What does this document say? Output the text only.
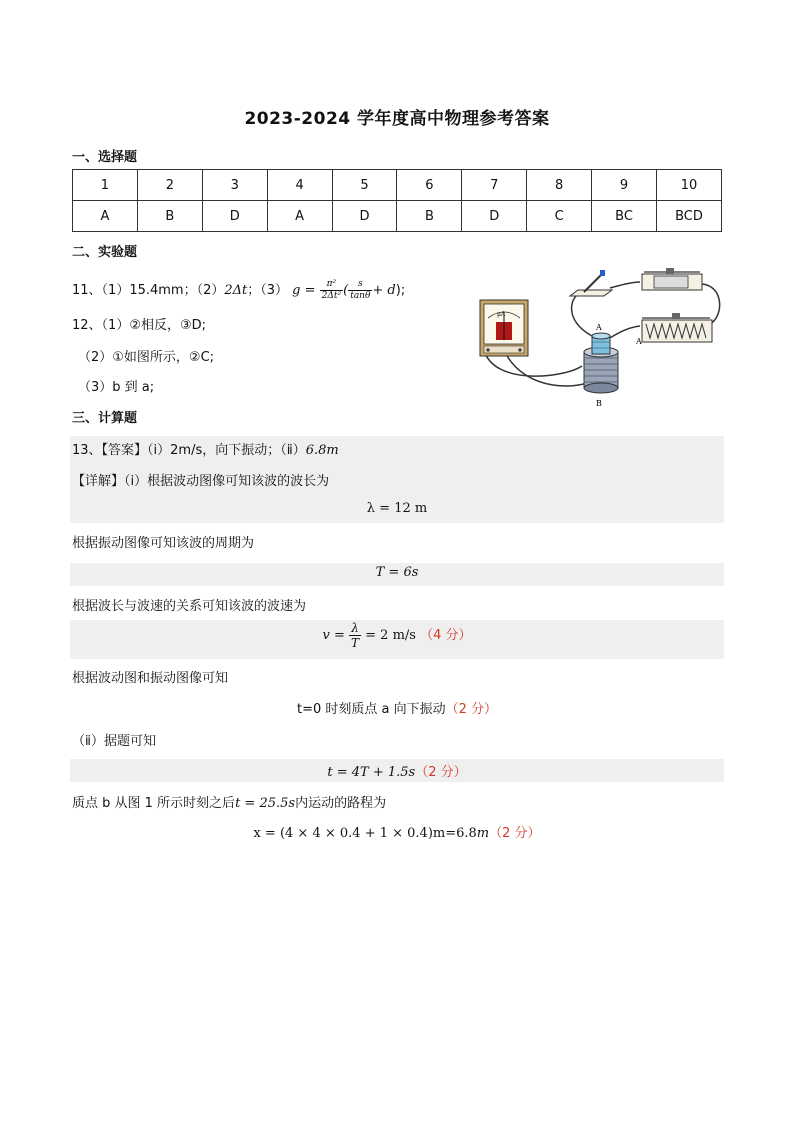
2023-2024 学年度高中物理参考答案
一、选择题
1	2	3	4	5	6	7	8	9	10
A	B	D	A	D	B	D	C	BC	BCD
二、实验题
11、（1）15.4mm；（2）2Δt；（3） $g = \frac{\text{π²}}{\text{2Δt²}}$ ( $\frac{s}{\tan\theta} + d$);
12、（1）②相反，③D;
（2）①如图所示，②C;
（3）b 到 a;
μA
A
A
B
三、计算题
13、【答案】（ⅰ）2m/s，向下振动；（ⅱ）6.8m
【详解】（ⅰ）根据波动图像可知该波的波长为
λ = 12 m
根据振动图像可知该波的周期为
T = 6s
根据波长与波速的关系可知该波的波速为
$v = \frac{\lambda}{T} = 2$ m/s （4 分）
根据波动图和振动图像可知
t=0 时刻质点 a 向下振动（2 分）
（ⅱ）据题可知
t = 4T + 1.5s（2 分）
质点 b 从图 1 所示时刻之后t = 25.5s内运动的路程为
x = (4 × 4 × 0.4 + 1 × 0.4)m=6.8m（2 分）
